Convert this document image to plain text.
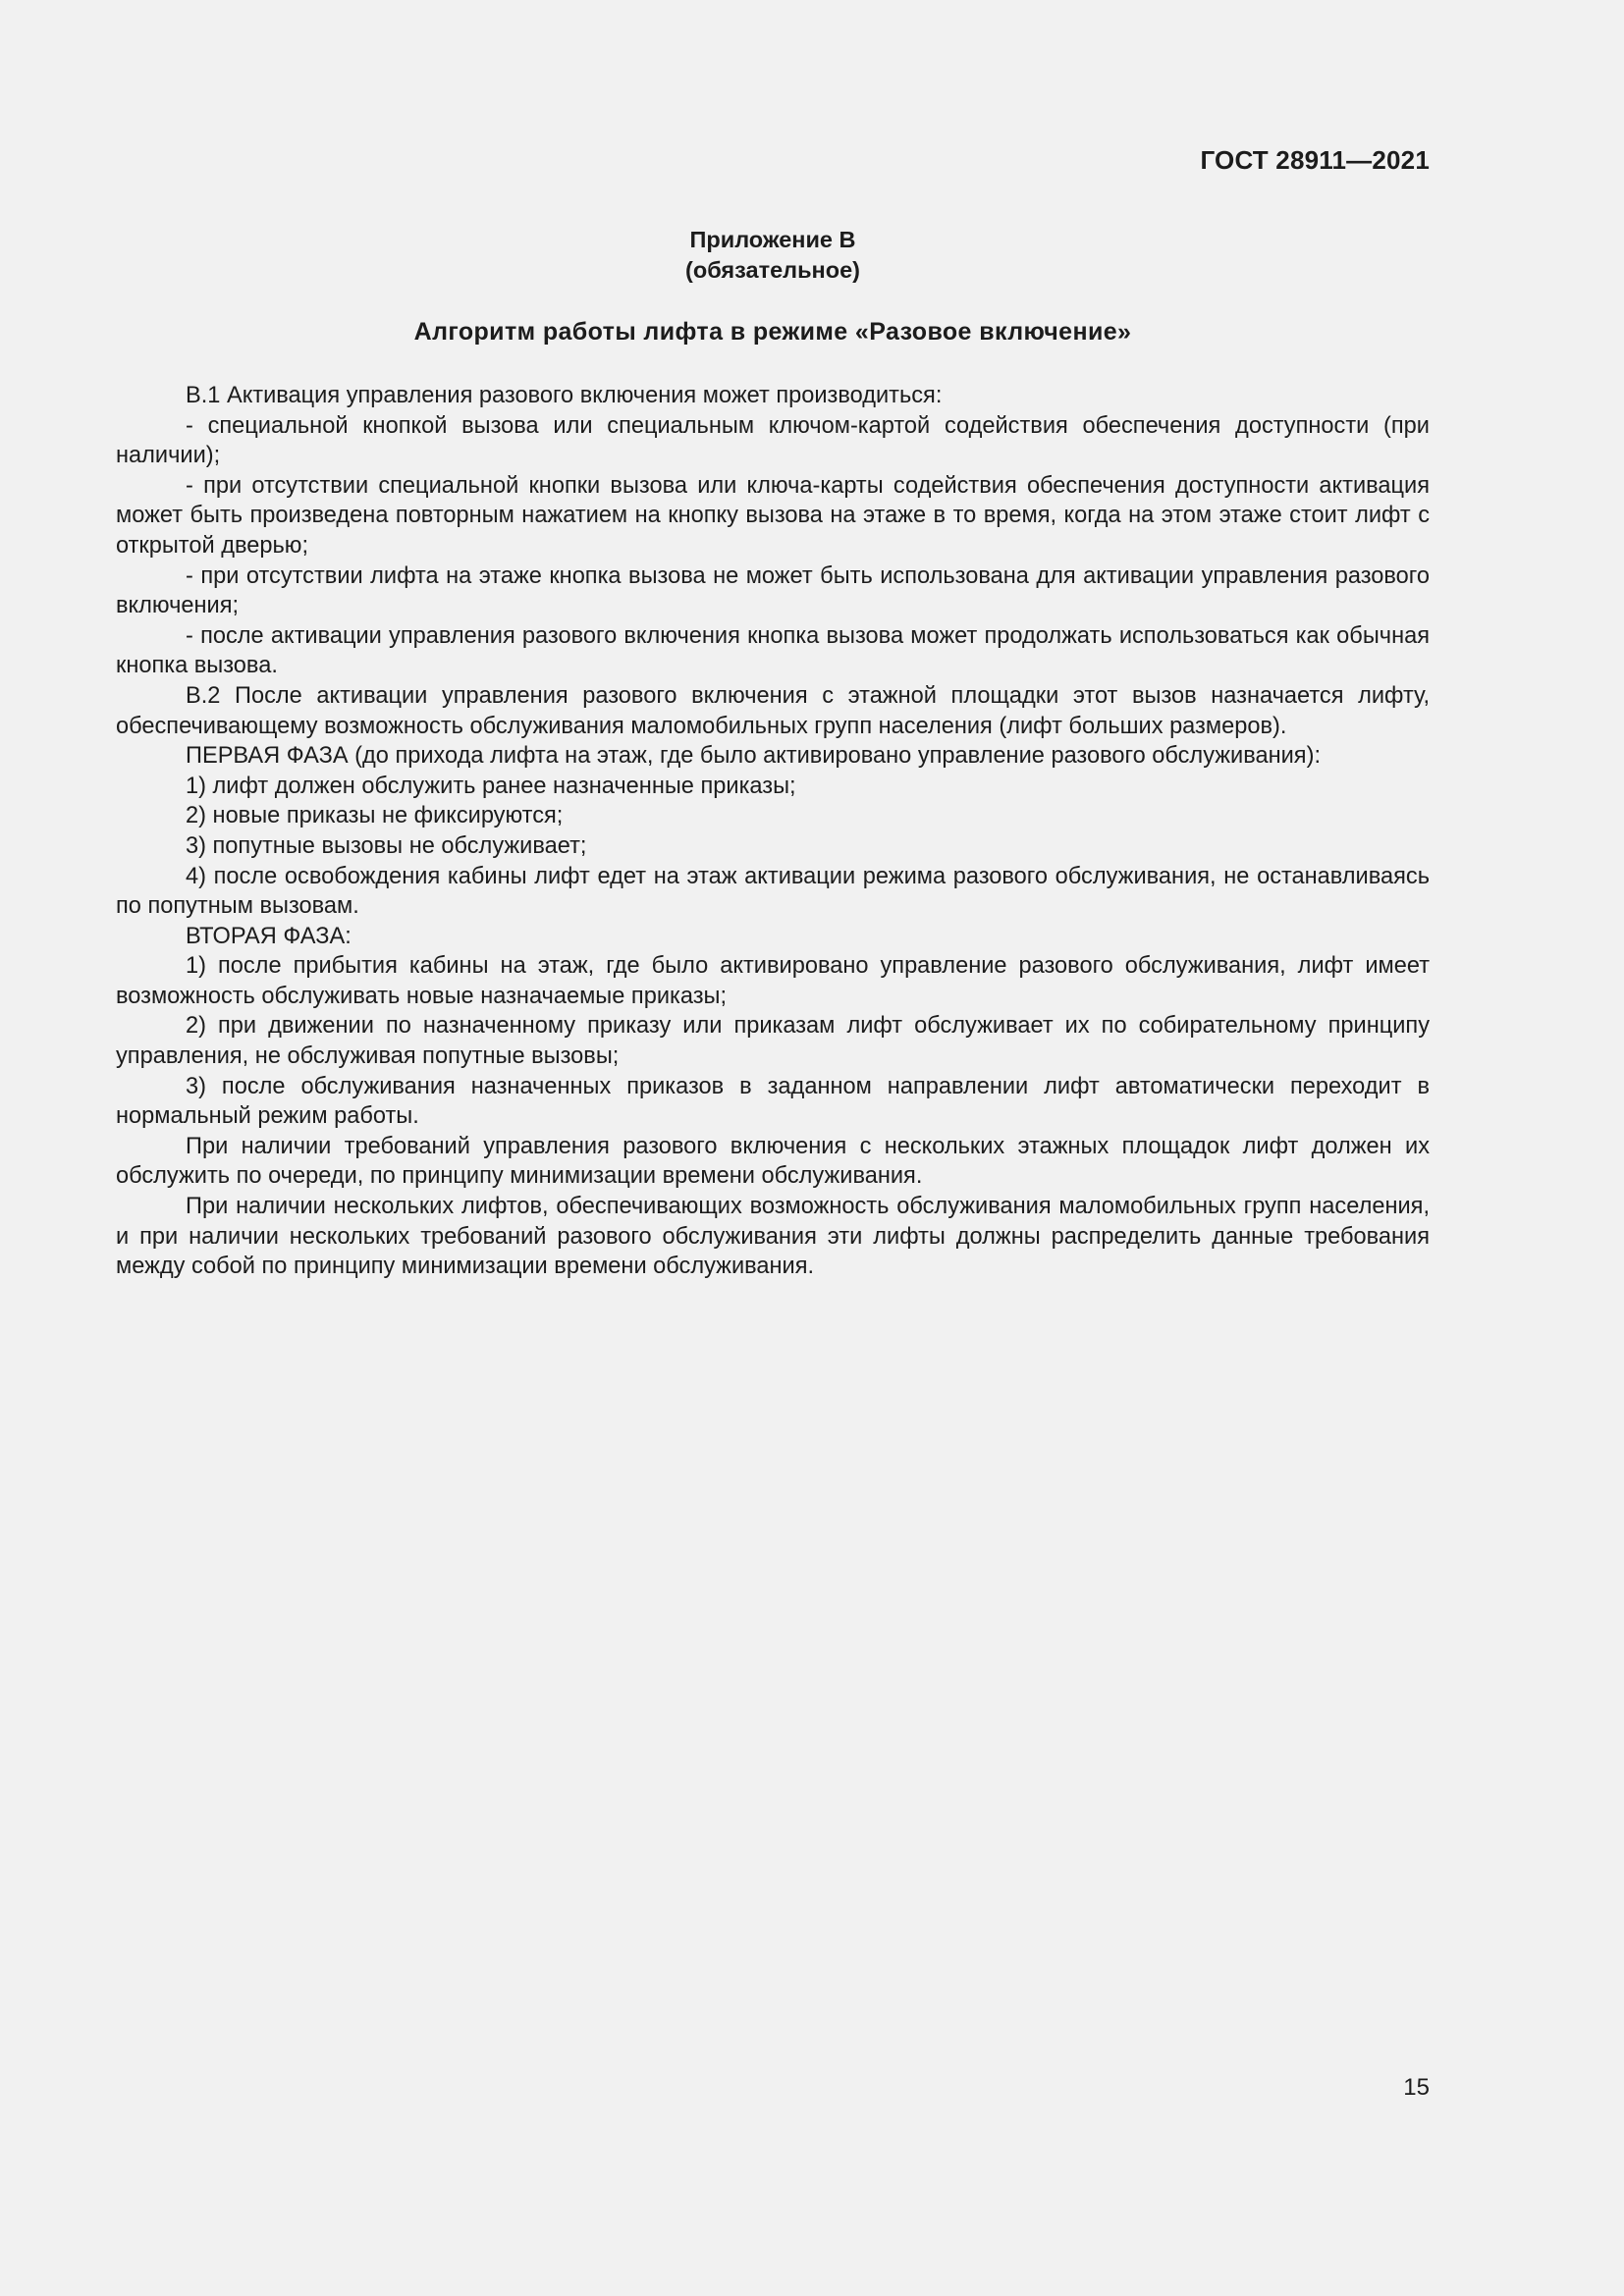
ГОСТ 28911—2021
Приложение В
(обязательное)
Алгоритм работы лифта в режиме «Разовое включение»

В.1 Активация управления разового включения может производиться:

- специальной кнопкой вызова или специальным ключом-картой содействия обеспечения доступности (при наличии);

- при отсутствии специальной кнопки вызова или ключа-карты содействия обеспечения доступности активация может быть произведена повторным нажатием на кнопку вызова на этаже в то время, когда на этом этаже стоит лифт с открытой дверью;

- при отсутствии лифта на этаже кнопка вызова не может быть использована для активации управления разового включения;

- после активации управления разового включения кнопка вызова может продолжать использоваться как обычная кнопка вызова.

В.2 После активации управления разового включения с этажной площадки этот вызов назначается лифту, обеспечивающему возможность обслуживания маломобильных групп населения (лифт больших размеров).

ПЕРВАЯ ФАЗА (до прихода лифта на этаж, где было активировано управление разового обслуживания):

1) лифт должен обслужить ранее назначенные приказы;

2) новые приказы не фиксируются;

3) попутные вызовы не обслуживает;

4) после освобождения кабины лифт едет на этаж активации режима разового обслуживания, не останавливаясь по попутным вызовам.

ВТОРАЯ ФАЗА:

1) после прибытия кабины на этаж, где было активировано управление разового обслуживания, лифт имеет возможность обслуживать новые назначаемые приказы;

2) при движении по назначенному приказу или приказам лифт обслуживает их по собирательному принципу управления, не обслуживая попутные вызовы;

3) после обслуживания назначенных приказов в заданном направлении лифт автоматически переходит в нормальный режим работы.

При наличии требований управления разового включения с нескольких этажных площадок лифт должен их обслужить по очереди, по принципу минимизации времени обслуживания.

При наличии нескольких лифтов, обеспечивающих возможность обслуживания маломобильных групп населения, и при наличии нескольких требований разового обслуживания эти лифты должны распределить данные требования между собой по принципу минимизации времени обслуживания.

15
